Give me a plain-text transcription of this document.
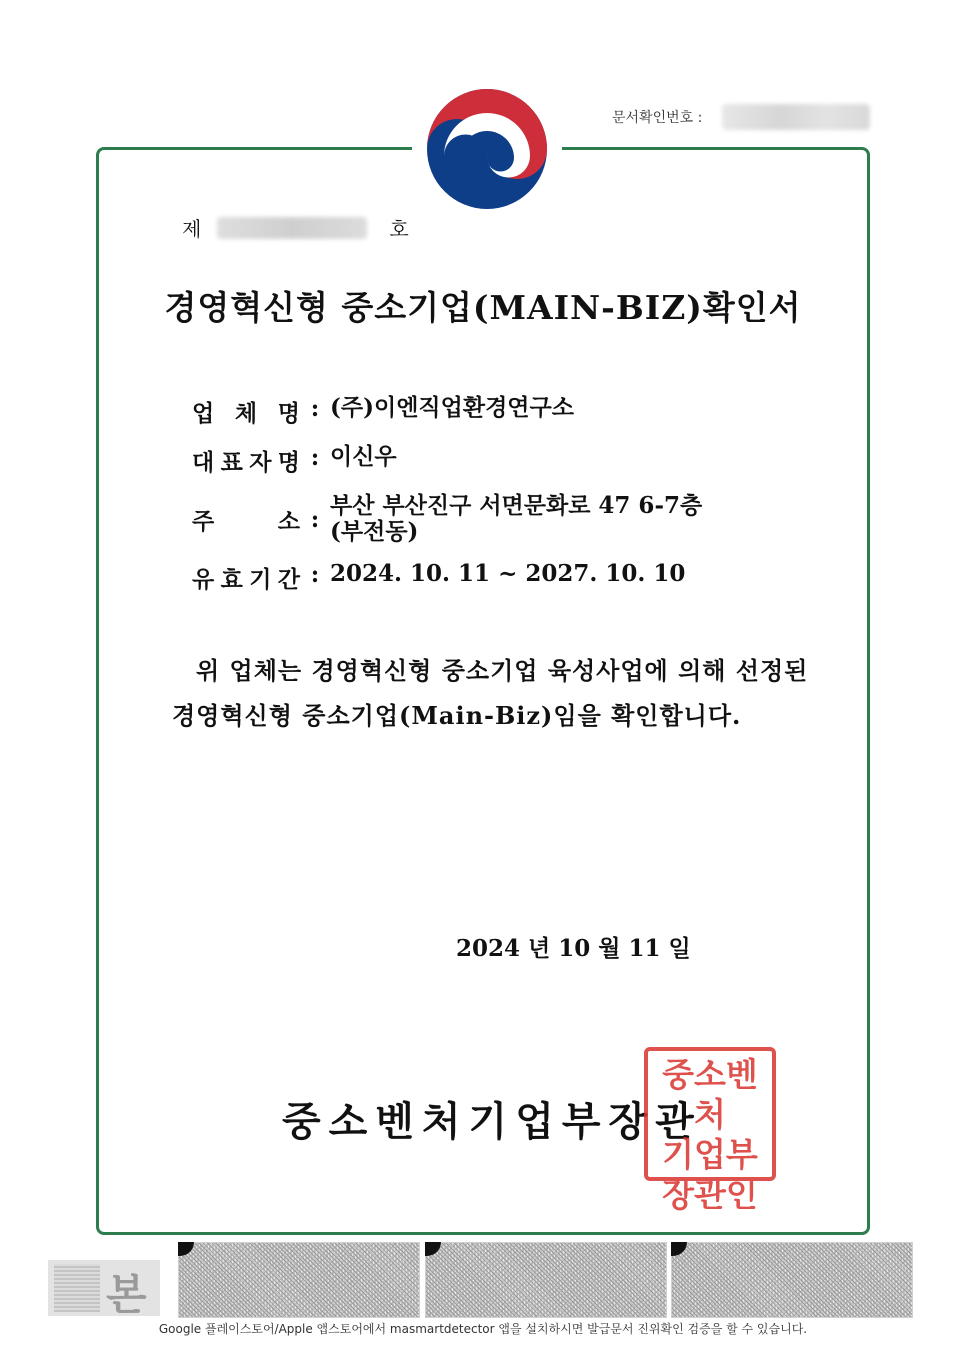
문서확인번호 :
제	호
경영혁신형 중소기업(MAIN-BIZ)확인서
업 체 명 : (주)이엔직업환경연구소
대 표 자 명 : 이신우
주	소 : 부산 부산진구 서면문화로 47 6-7층
(부전동)
유 효 기 간 : 2024. 10. 11 ~ 2027. 10. 10
위 업체는 경영혁신형 중소기업 육성사업에 의해 선정된 경영혁신형 중소기업(Main-Biz)임을 확인합니다.
2024 년 10 월 11 일
중소벤처기업부장관
중소벤처
기업부
장관인
본
Google 플레이스토어/Apple 앱스토어에서 masmartdetector 앱을 설치하시면 발급문서 진위확인 검증을 할 수 있습니다.
